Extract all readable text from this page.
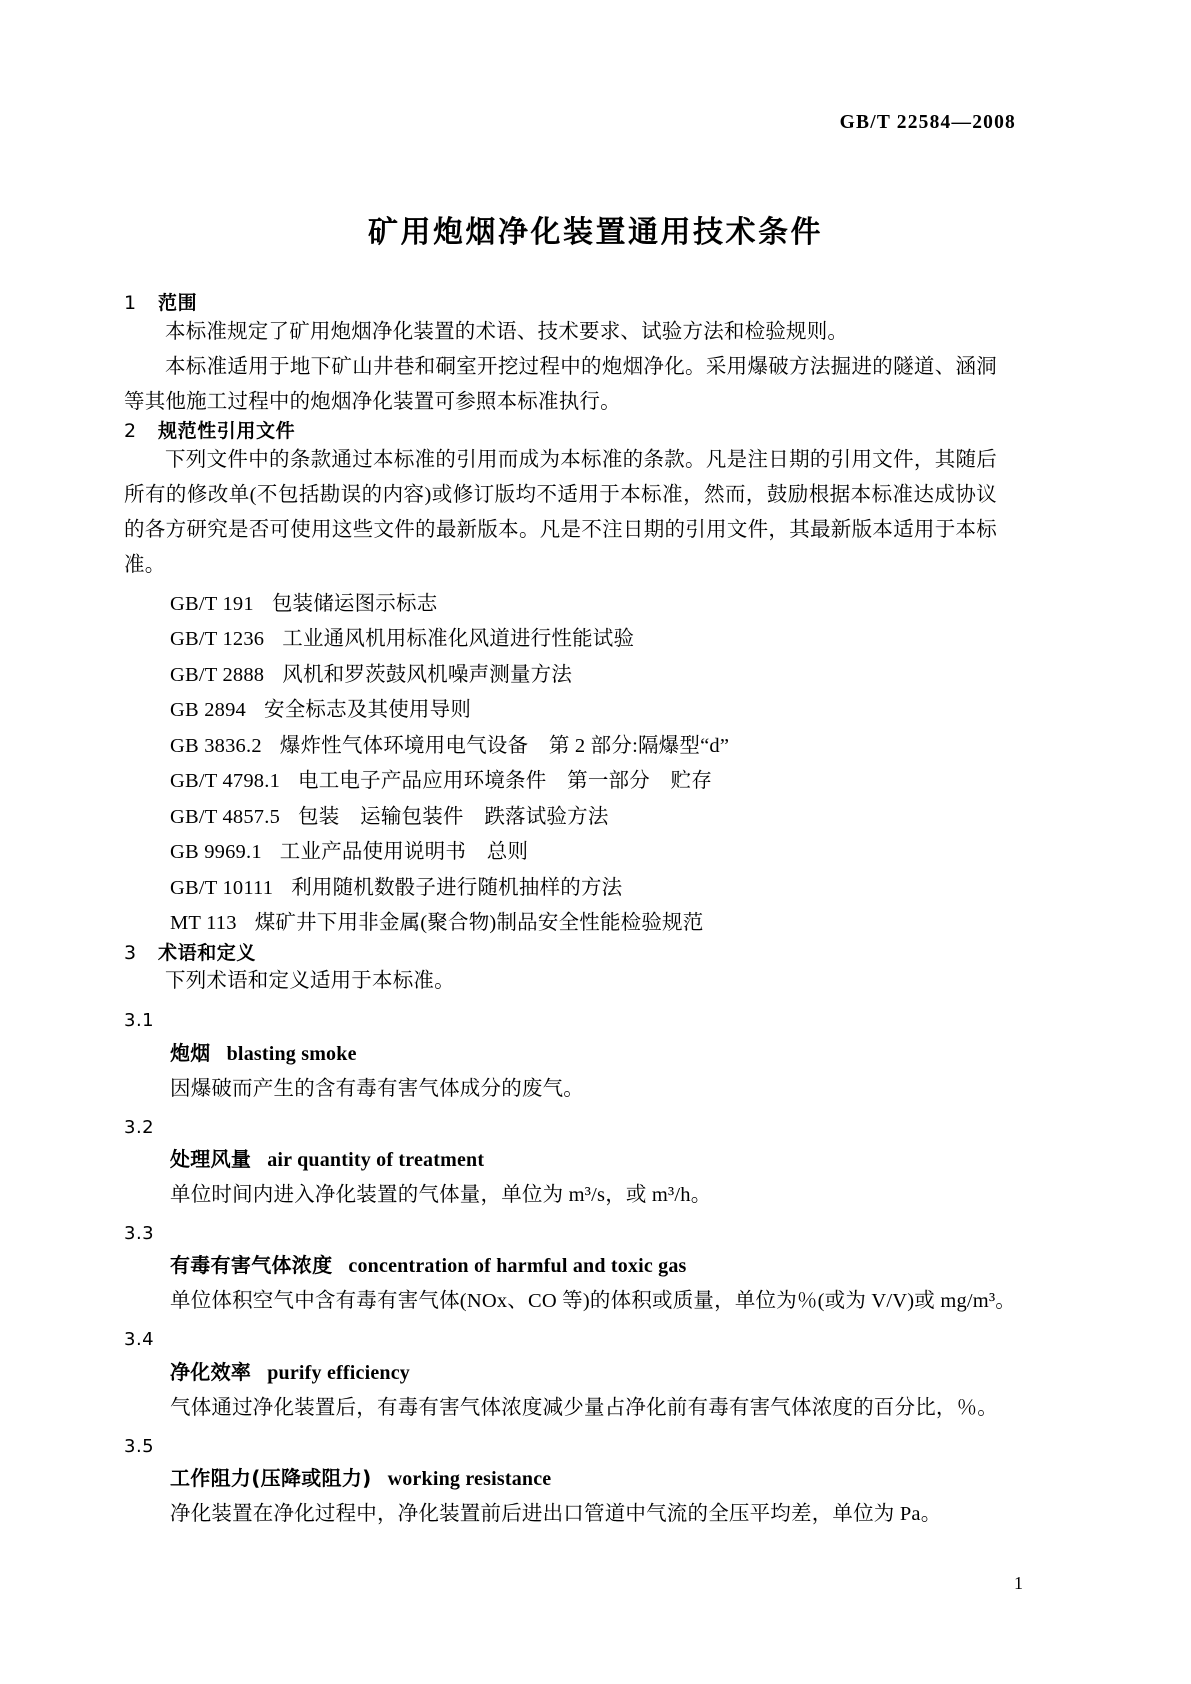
GB/T 22584—2008
矿用炮烟净化装置通用技术条件
1 范围

本标准规定了矿用炮烟净化装置的术语、技术要求、试验方法和检验规则。

本标准适用于地下矿山井巷和硐室开挖过程中的炮烟净化。采用爆破方法掘进的隧道、涵洞等其他施工过程中的炮烟净化装置可参照本标准执行。

2 规范性引用文件

下列文件中的条款通过本标准的引用而成为本标准的条款。凡是注日期的引用文件，其随后所有的修改单(不包括勘误的内容)或修订版均不适用于本标准，然而，鼓励根据本标准达成协议的各方研究是否可使用这些文件的最新版本。凡是不注日期的引用文件，其最新版本适用于本标准。

GB/T 191 包装储运图示标志
GB/T 1236 工业通风机用标准化风道进行性能试验
GB/T 2888 风机和罗茨鼓风机噪声测量方法
GB 2894 安全标志及其使用导则
GB 3836.2 爆炸性气体环境用电气设备　第 2 部分:隔爆型“d”
GB/T 4798.1 电工电子产品应用环境条件　第一部分　贮存
GB/T 4857.5 包装　运输包装件　跌落试验方法
GB 9969.1 工业产品使用说明书　总则
GB/T 10111 利用随机数骰子进行随机抽样的方法
MT 113 煤矿井下用非金属(聚合物)制品安全性能检验规范
3 术语和定义

下列术语和定义适用于本标准。

3.1
炮烟 blasting smoke
因爆破而产生的含有毒有害气体成分的废气。
3.2
处理风量 air quantity of treatment
单位时间内进入净化装置的气体量，单位为 m³/s，或 m³/h。
3.3
有毒有害气体浓度 concentration of harmful and toxic gas
单位体积空气中含有毒有害气体(NOx、CO 等)的体积或质量，单位为％(或为 V/V)或 mg/m³。
3.4
净化效率 purify efficiency
气体通过净化装置后，有毒有害气体浓度减少量占净化前有毒有害气体浓度的百分比，％。
3.5
工作阻力(压降或阻力) working resistance
净化装置在净化过程中，净化装置前后进出口管道中气流的全压平均差，单位为 Pa。
1
